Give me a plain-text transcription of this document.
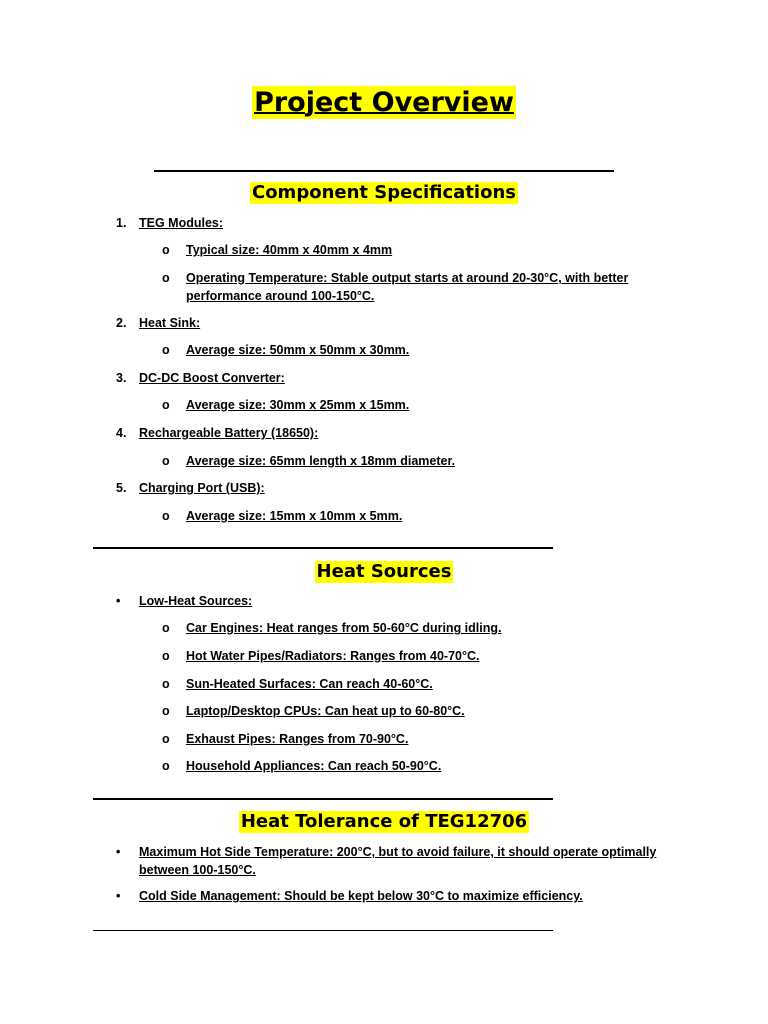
Project Overview
Component Specifications
1. TEG Modules:
o Typical size: 40mm x 40mm x 4mm
o Operating Temperature: Stable output starts at around 20-30°C, with better performance around 100-150°C.
2. Heat Sink:
o Average size: 50mm x 50mm x 30mm.
3. DC-DC Boost Converter:
o Average size: 30mm x 25mm x 15mm.
4. Rechargeable Battery (18650):
o Average size: 65mm length x 18mm diameter.
5. Charging Port (USB):
o Average size: 15mm x 10mm x 5mm.
Heat Sources
• Low-Heat Sources:
o Car Engines: Heat ranges from 50-60°C during idling.
o Hot Water Pipes/Radiators: Ranges from 40-70°C.
o Sun-Heated Surfaces: Can reach 40-60°C.
o Laptop/Desktop CPUs: Can heat up to 60-80°C.
o Exhaust Pipes: Ranges from 70-90°C.
o Household Appliances: Can reach 50-90°C.
Heat Tolerance of TEG12706
• Maximum Hot Side Temperature: 200°C, but to avoid failure, it should operate optimally between 100-150°C.
• Cold Side Management: Should be kept below 30°C to maximize efficiency.
